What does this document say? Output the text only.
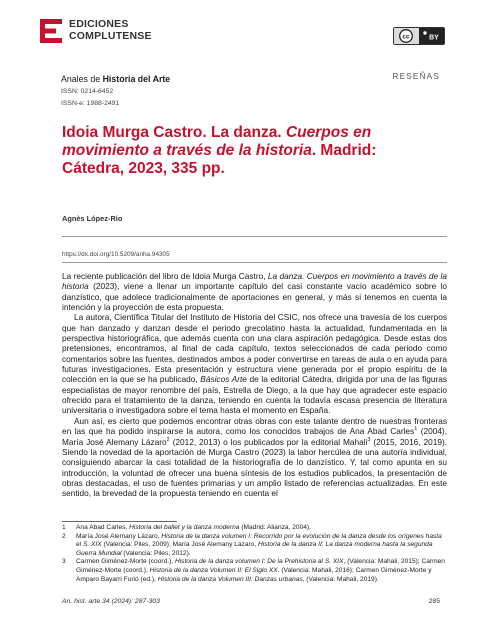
EDICIONES
COMPLUTENSE	cc	BY
Anales de Historia del Arte	RESEÑAS
ISSN: 0214-6452
ISSN-e: 1988-2491
Idoia Murga Castro. La danza. Cuerpos en movimiento a través de la historia. Madrid: Cátedra, 2023, 335 pp.
Agnès López-Río
https://dx.doi.org/10.5209/anha.94305

La reciente publicación del libro de Idoia Murga Castro, La danza. Cuerpos en movimiento a través de la historia (2023), viene a llenar un importante capítulo del casi constante vacío académico sobre lo danzístico, que adolece tradicionalmente de aportaciones en general, y más si tenemos en cuenta la intención y la proyección de esta propuesta.

La autora, Científica Titular del Instituto de Historia del CSIC, nos ofrece una travesía de los cuerpos que han danzado y danzan desde el periodo grecolatino hasta la actualidad, fundamentada en la perspectiva historiográfica, que además cuenta con una clara aspiración pedagógica. Desde estas dos pretensiones, encontramos, al final de cada capítulo, textos seleccionados de cada periodo como comentarios sobre las fuentes, destinados ambos a poder convertirse en tareas de aula o en ayuda para futuras investigaciones. Esta presentación y estructura viene generada por el propio espíritu de la colección en la que se ha publicado, Básicos Arte de la editorial Cátedra, dirigida por una de las figuras especialistas de mayor renombre del país, Estrella de Diego, a la que hay que agradecer este espacio ofrecido para el tratamiento de la danza, teniendo en cuenta la todavía escasa presencia de literatura universitaria o investigadora sobre el tema hasta el momento en España.

Aun así, es cierto que podemos encontrar otras obras con este talante dentro de nuestras fronteras en las que ha podido inspirarse la autora, como los conocidos trabajos de Ana Abad Carles$^1$ (2004), María José Alemany Lázaro$^2$ (2012, 2013) o los publicados por la editorial Mahali$^3$ (2015, 2016, 2019). Siendo la novedad de la aportación de Murga Castro (2023) la labor hercúlea de una autoría individual, consiguiendo abarcar la casi totalidad de la historiografía de lo danzístico. Y, tal como apunta en su introducción, la voluntad de ofrecer una buena síntesis de los estudios publicados, la presentación de obras destacadas, el uso de fuentes primarias y un amplio listado de referencias actualizadas. En este sentido, la brevedad de la propuesta teniendo en cuenta el

1	Ana Abad Carles, Historia del ballet y la danza moderna (Madrid: Alianza, 2004).
2	María José Alemany Lázaro, Historia de la danza volumen I: Recorrido por la evolución de la danza desde los orígenes hasta el S. XIX (Valencia: Piles, 2009); María José Alemany Lázaro, Historia de la danza II: La danza moderna hasta la segunda Guerra Mundial (Valencia: Piles, 2012).
3	Carmen Giménez-Morte (coord.), Historia de la danza volumen I: De la Prehistoria al S. XIX, (Valencia: Mahali, 2015); Carmen Giménez-Morte (coord.), Historia de la danza Volumen II: El Siglo XX. (Valencia: Mahali, 2016); Carmen Giménez-Morte y Amparo Bayarri Furió (ed.), Historia de la danza Volumen III: Danzas urbanas, (Valencia: Mahali, 2019).
An. hist. arte 34 (2024): 287-303	285
